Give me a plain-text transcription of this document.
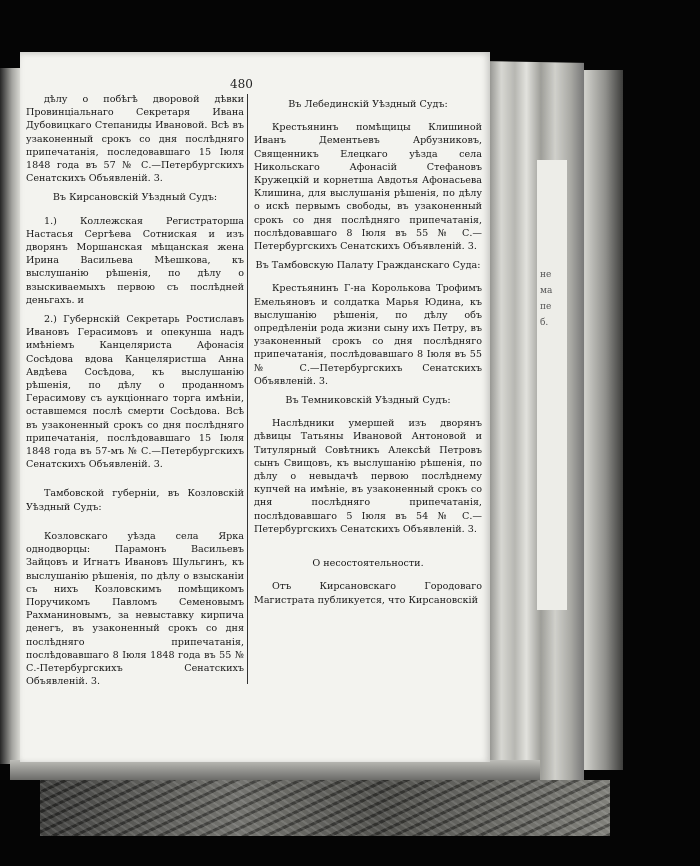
не
ма
пе
б.
480

дѣлу о побѣгѣ дворовой дѣвки Провинціальнаго Секретаря Ивана Дубовицкаго Степаниды Ивановой. Всѣ въ узаконенный срокъ со дня послѣдняго припечатанія, последовавшаго 15 Іюля 1848 года въ 57 № С.—Петербургскихъ Сенатскихъ Объявленій. 3.

Въ Кирсановскій Уѣздный Судъ:

1.) Коллежская Регистраторша Настасья Сергѣева Сотниская и изъ дворянъ Моршанская мѣщанская жена Ирина Васильева Мѣешкова, къ выслушанію рѣшенія, по дѣлу о взыскиваемыхъ первою съ послѣдней деньгахъ. и

2.) Губернскій Секретарь Ростиславъ Ивановъ Герасимовъ и опекунша надъ имѣніемъ Канцеляриста Афонасія Сосѣдова вдова Канцеляристша Анна Авдѣева Сосѣдова, къ выслушанію рѣшенія, по дѣлу о проданномъ Герасимову съ аукціоннаго торга имѣніи, оставшемся послѣ смерти Сосѣдова. Всѣ въ узаконенный срокъ со дня послѣдняго припечатанія, послѣдовавшаго 15 Іюля 1848 года въ 57-мъ № С.—Петербургскихъ Сенатскихъ Объявленій. 3.

Тамбовской губерніи, въ Козловскій Уѣздный Судъ:

Козловскаго уѣзда села Ярка однодворцы: Парамонъ Васильевъ Зайцовъ и Игнатъ Ивановъ Шульгинъ, къ выслушанію рѣшенія, по дѣлу о взысканіи съ нихъ Козловскимъ помѣщикомъ Поручикомъ Павломъ Семеновымъ Рахманиновымъ, за невыставку кирпича денегъ, въ узаконенный срокъ со дня послѣдняго припечатанія, послѣдовавшаго 8 Іюля 1848 года въ 55 № С.-Петербургскихъ Сенатскихъ Объявленій. 3.

Въ Лебединскій Уѣздный Судъ:

Крестьянинъ помѣщицы Клишиной Иванъ Дементьевъ Арбузниковъ, Священникъ Елецкаго уѣзда села Никольскаго Афонасій Стефановъ Кружецкій и корнетша Авдотья Афонасьева Клишина, для выслушанія рѣшенія, по дѣлу о искѣ первымъ свободы, въ узаконенный срокъ со дня послѣдняго припечатанія, послѣдовавшаго 8 Іюля въ 55 № С.—Петербургскихъ Сенатскихъ Объявленій. 3.

Въ Тамбовскую Палату Гражданскаго Суда:

Крестьянинъ Г-на Королькова Трофимъ Емельяновъ и солдатка Марья Юдина, къ выслушанію рѣшенія, по дѣлу объ опредѣленіи рода жизни сыну ихъ Петру, въ узаконенный срокъ со дня послѣдняго припечатанія, послѣдовавшаго 8 Іюля въ 55 № С.—Петербургскихъ Сенатскихъ Объявленій. 3.

Въ Темниковскій Уѣздный Судъ:

Наслѣдники умершей изъ дворянъ дѣвицы Татьяны Ивановой Антоновой и Титулярный Совѣтникъ Алексѣй Петровъ сынъ Свищовъ, къ выслушанію рѣшенія, по дѣлу о невыдачѣ первою послѣднему купчей на имѣніе, въ узаконенный срокъ со дня послѣдняго припечатанія, послѣдовавшаго 5 Іюля въ 54 № С.—Петербургскихъ Сенатскихъ Объявленій. 3.

О несостоятельности.

Отъ Кирсановскаго Городоваго Магистрата публикуется, что Кирсановскій
